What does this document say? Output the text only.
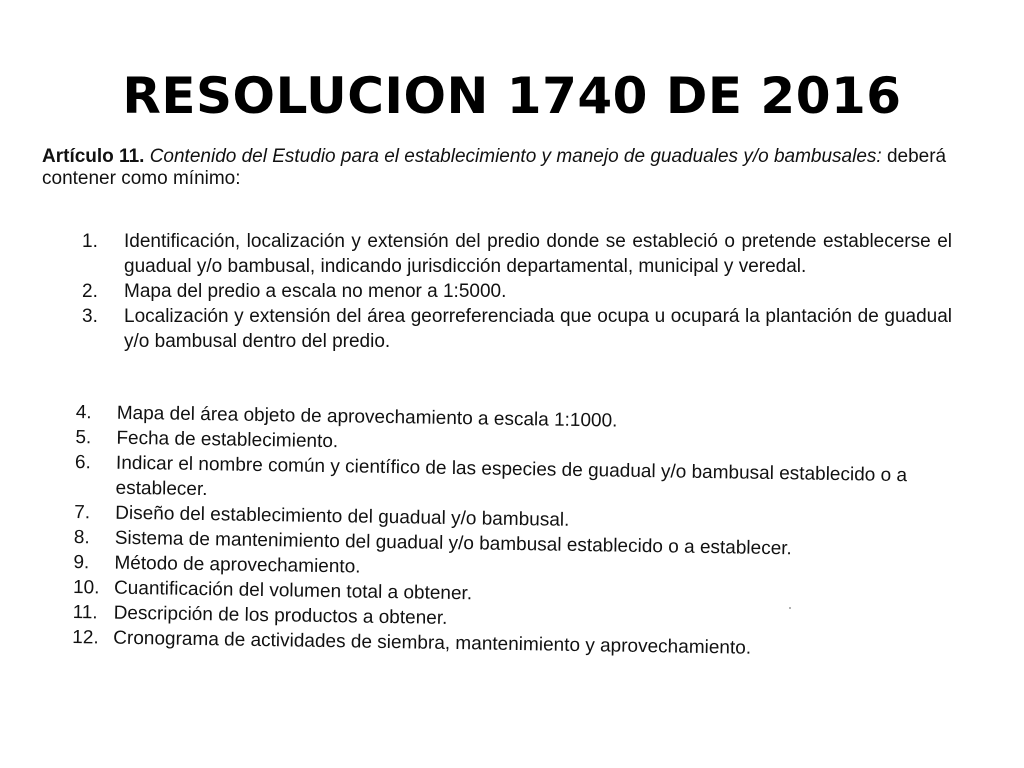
RESOLUCION 1740 DE 2016

Artículo 11. Contenido del Estudio para el establecimiento y manejo de guaduales y/o bambusales: deberá contener como mínimo:

1.	Identificación, localización y extensión del predio donde se estableció o pretende establecerse el guadual y/o bambusal, indicando jurisdicción departamental, municipal y veredal.
2.	Mapa del predio a escala no menor a 1:5000.
3.	Localización y extensión del área georreferenciada que ocupa u ocupará la plantación de guadual y/o bambusal dentro del predio.
4.	Mapa del área objeto de aprovechamiento a escala 1:1000.
5.	Fecha de establecimiento.
6.	Indicar el nombre común y científico de las especies de guadual y/o bambusal establecido o a establecer.
7.	Diseño del establecimiento del guadual y/o bambusal.
8.	Sistema de mantenimiento del guadual y/o bambusal establecido o a establecer.
9.	Método de aprovechamiento.
10. Cuantificación del volumen total a obtener.
11. Descripción de los productos a obtener.
12. Cronograma de actividades de siembra, mantenimiento y aprovechamiento.
